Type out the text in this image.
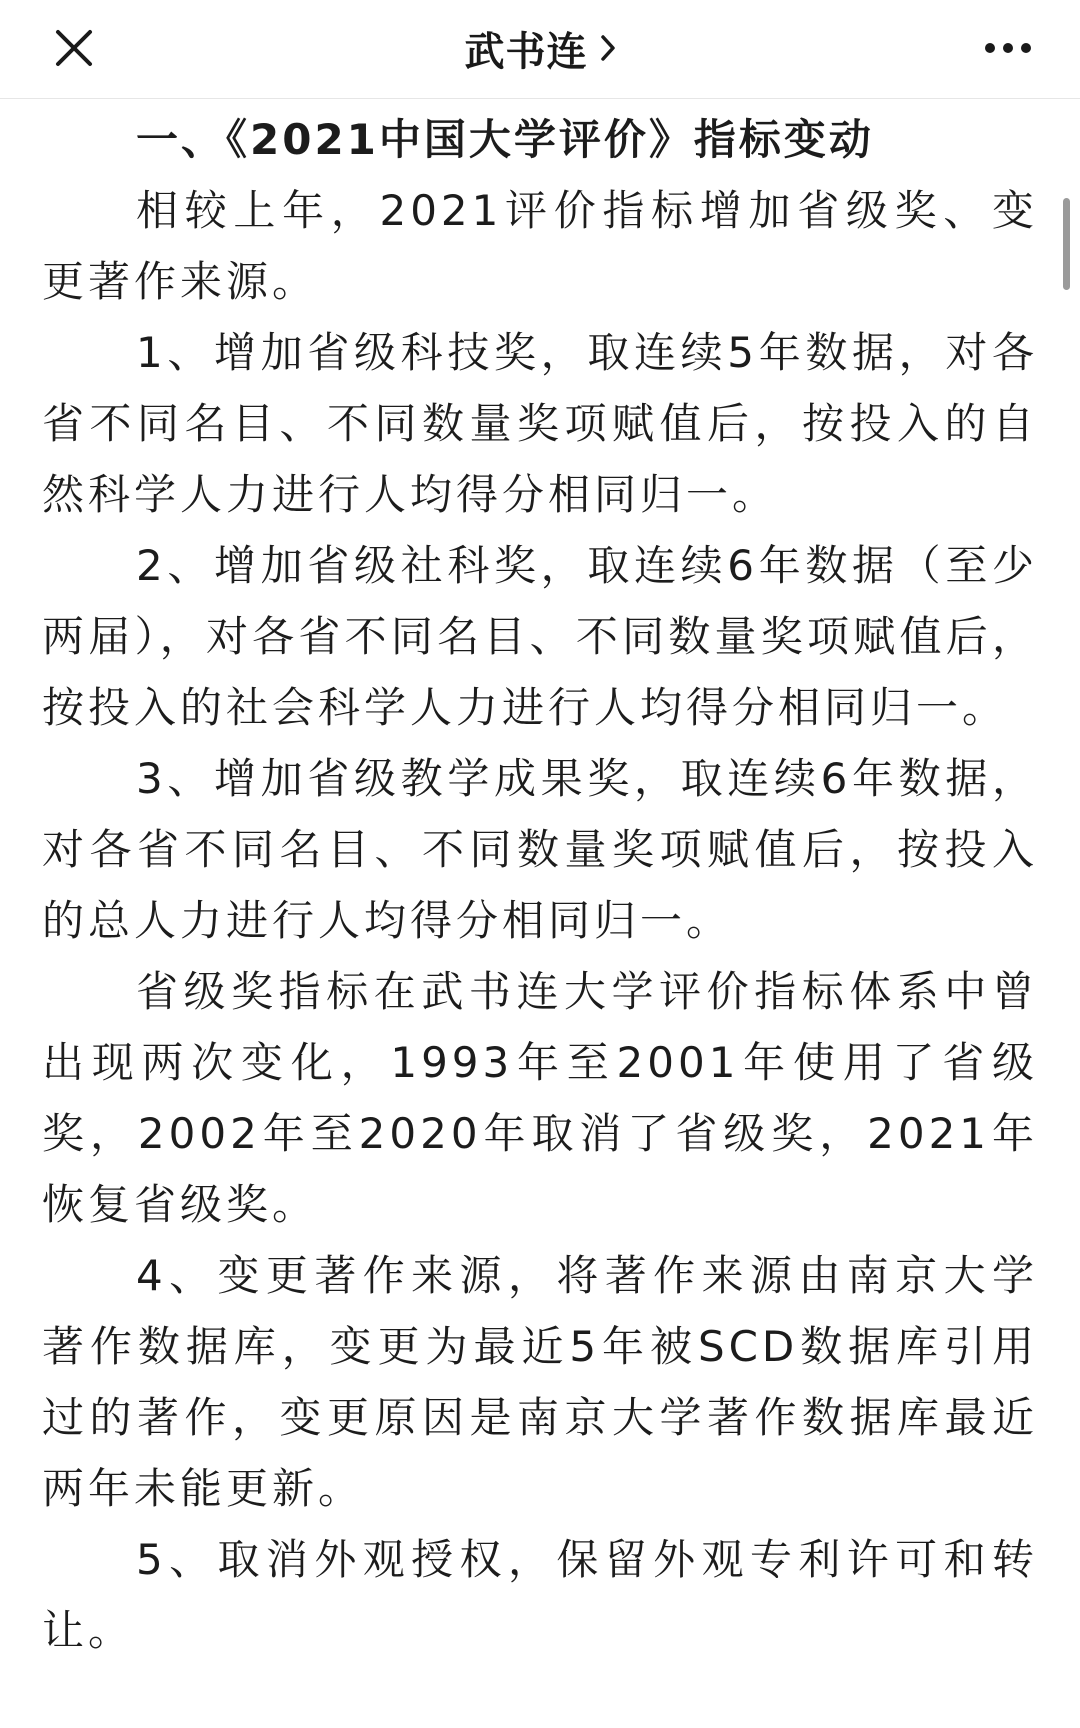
武书连

一、《2021中国大学评价》指标变动

相较上年，2021评价指标增加省级奖、变更著作来源。

1、增加省级科技奖，取连续5年数据，对各省不同名目、不同数量奖项赋值后，按投入的自然科学人力进行人均得分相同归一。

2、增加省级社科奖，取连续6年数据（至少两届），对各省不同名目、不同数量奖项赋值后，按投入的社会科学人力进行人均得分相同归一。

3、增加省级教学成果奖，取连续6年数据，对各省不同名目、不同数量奖项赋值后，按投入的总人力进行人均得分相同归一。

省级奖指标在武书连大学评价指标体系中曾出现两次变化，1993年至2001年使用了省级奖，2002年至2020年取消了省级奖，2021年恢复省级奖。

4、变更著作来源，将著作来源由南京大学著作数据库，变更为最近5年被SCD数据库引用过的著作，变更原因是南京大学著作数据库最近两年未能更新。

5、取消外观授权，保留外观专利许可和转让。
